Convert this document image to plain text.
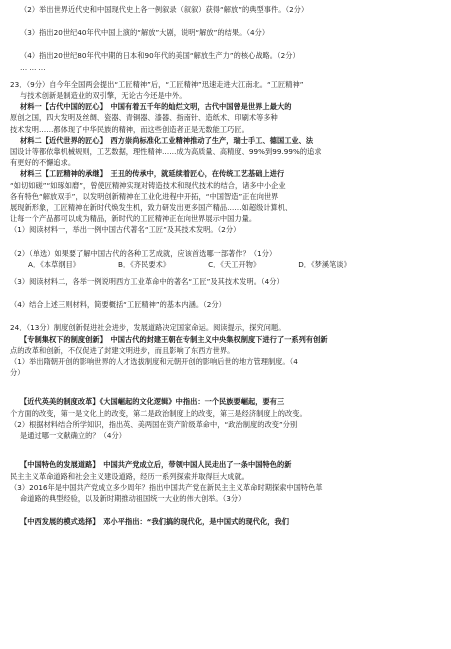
（2）举出世界近代史和中国现代史上各一例叙录（叙叙）获得“解放”的典型事件。（2分）
（3）指出20世纪40年代中国上演的“解放”大剧，说明“解放”的结果。（4分）
（4）指出20世纪80年代中期的日本和90年代的美国“解放生产力”的核心战略。（2分）
………
23．（9分）自今年全国两会提出“工匠精神”后，“工匠精神”迅速走进大江南北。“工匠精神”
与技术创新是制造业的双引擎，无论古今还是中外。
材料一【古代中国的匠心】　中国有着五千年的灿烂文明，古代中国曾是世界上最大的
原创之国，四大发明及丝绸、瓷器、青铜器、漆器、指南针、造纸术、印刷术等多种
技术发明……都体现了中华民族的精神，而这些创造者正是无数能工巧匠。
材料二【近代世界的匠心】　西方崇尚标准化工业精神推动了生产，瑞士手工、德国工业、法
国设计等都依靠机械规则，工艺数据，理性精神……成为高质量、高精度、99%到99.99%的追求
有更好的不懈追求。
材料三【工匠精神的承继】　王丑的传承中，就延续着匠心，在传统工艺基础上进行
“如切如磋”“如琢如磨”，曾使匠精神实现对铸造技术和现代技术的结合，诸多中小企业
各有特色“解放双手”，以发明创新精神在工业化进程中开拓，“中国智造”正在向世界
展现新形象，工匠精神在新时代焕发生机，致力研发出更多国产精品……如超级计算机、
让每一个产品都可以成为精品，新时代的工匠精神正在向世界展示中国力量。
（1）阅读材料一，举出一例中国古代著名“工匠”及其技术发明。（2分）
（2）（单选）如果要了解中国古代的各种工艺成就，应该首选哪一部著作？（1分）
A．《本草纲目》	B．《齐民要术》	C．《天工开物》	D．《梦溪笔谈》
（3）阅读材料二，各举一例说明西方工业革命中的著名“工匠”及其技术发明。（4分）
（4）结合上述三则材料，简要概括“工匠精神”的基本内涵。（2分）
24．（13分）制度创新促进社会进步，发展道路决定国家命运。阅读提示，探究问题。
【专制集权下的制度创新】　中国古代的封建王朝在专制主义中央集权制度下进行了一系列有创新
点的改革和创新，不仅促进了封建文明进步，而且影响了东西方世界。
（1）举出隋朝开创的影响世界的人才选拔制度和元朝开创的影响后世的地方管理制度。（4
分）
【近代英美的制度改革】《大国崛起的文化逻辑》中指出：一个民族要崛起，要有三
个方面的改变，第一是文化上的改变，第二是政治制度上的改变，第三是经济制度上的改变。
（2）根据材料结合所学知识，指出英、美两国在资产阶级革命中，“政治制度的改变”分别
是通过哪一文献确立的？（4分）
【中国特色的发展道路】　中国共产党成立后，带领中国人民走出了一条中国特色的新
民主主义革命道路和社会主义建设道路，经历一系列探索并取得巨大成就。
（3）2016年是中国共产党成立多少周年？指出中国共产党在新民主主义革命时期探索中国特色革
命道路的典型经验，以及新时期推动祖国统一大业的伟大创举。（3分）
【中西发展的模式选择】　邓小平指出：“我们搞的现代化，是中国式的现代化，我们
